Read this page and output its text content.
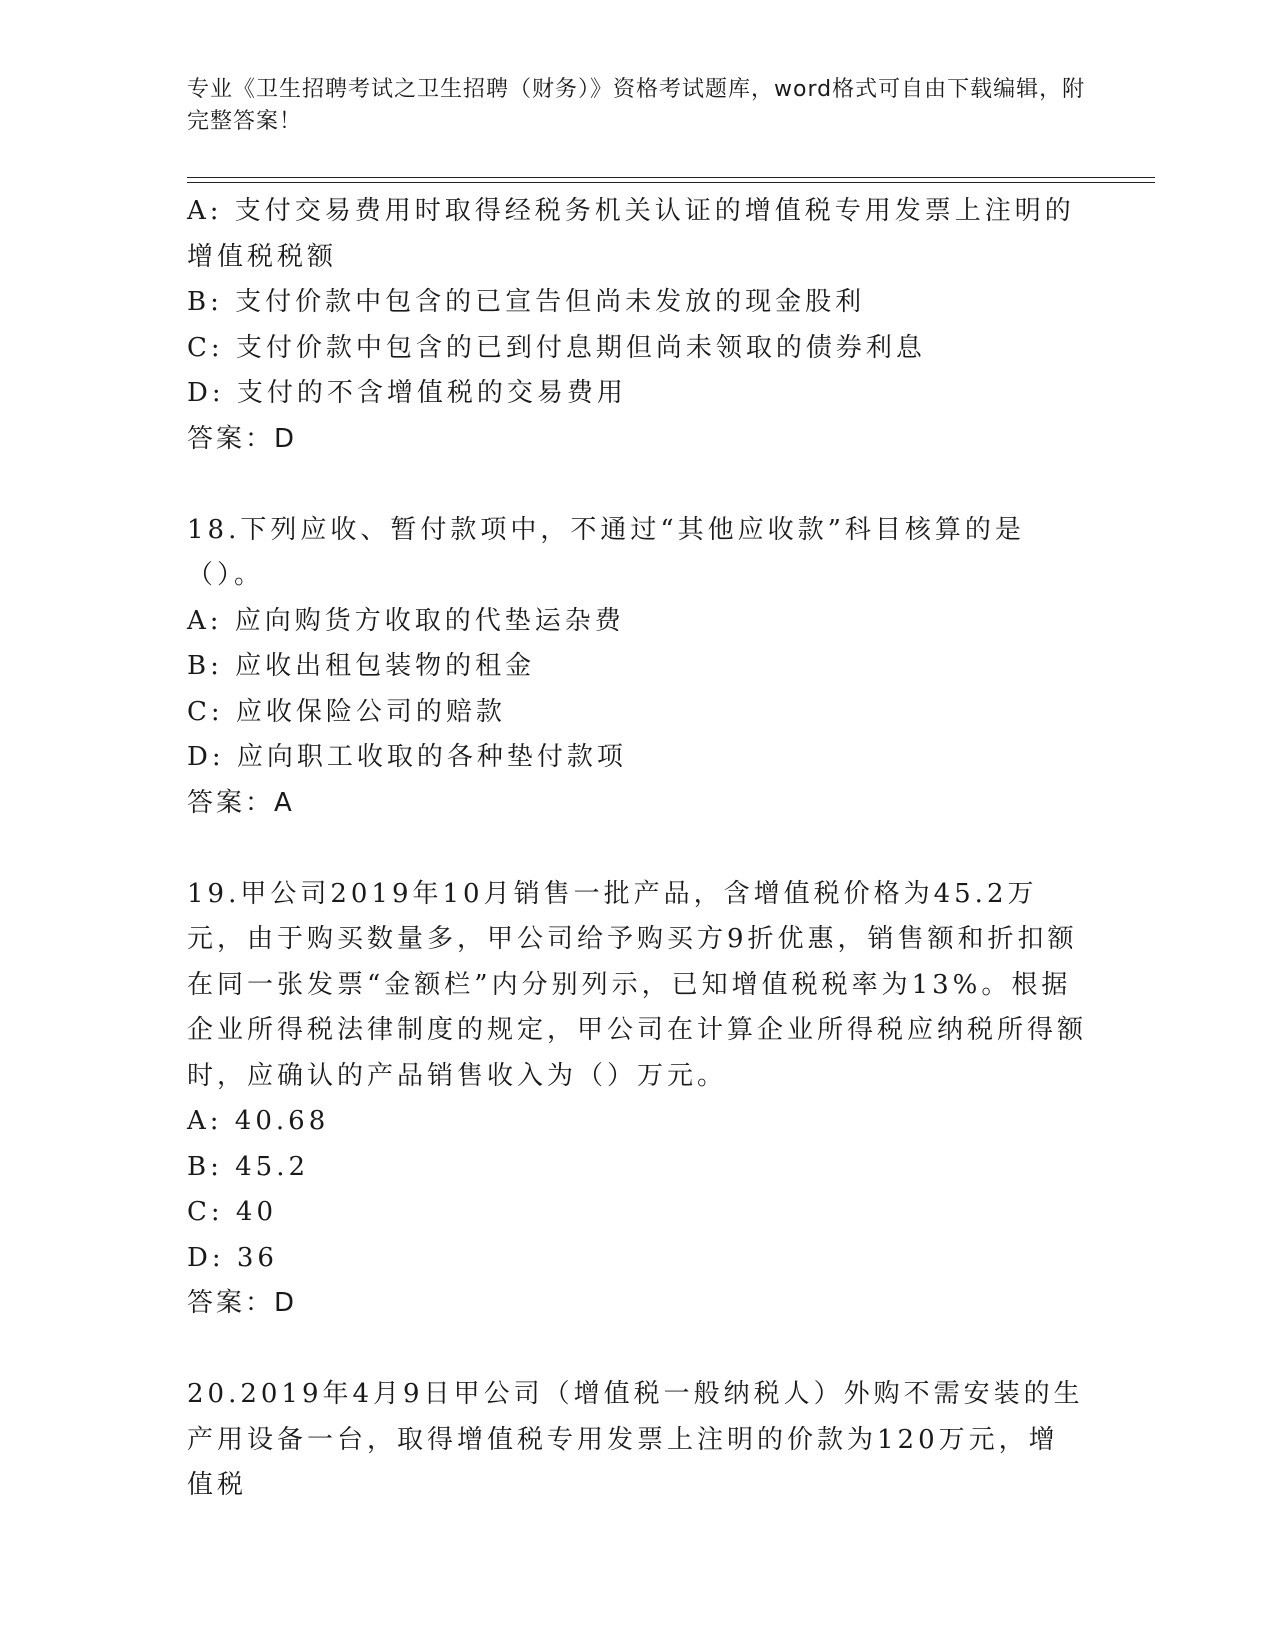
专业《卫生招聘考试之卫生招聘（财务）》资格考试题库，word格式可自由下载编辑，附完整答案！

A: 支付交易费用时取得经税务机关认证的增值税专用发票上注明的增值税税额

B: 支付价款中包含的已宣告但尚未发放的现金股利

C: 支付价款中包含的已到付息期但尚未领取的债券利息

D: 支付的不含增值税的交易费用

答案：D

18.下列应收、暂付款项中，不通过“其他应收款”科目核算的是（）。

A: 应向购货方收取的代垫运杂费

B: 应收出租包装物的租金

C: 应收保险公司的赔款

D: 应向职工收取的各种垫付款项

答案：A

19.甲公司2019年10月销售一批产品，含增值税价格为45.2万元，由于购买数量多，甲公司给予购买方9折优惠，销售额和折扣额在同一张发票“金额栏”内分别列示，已知增值税税率为13%。根据企业所得税法律制度的规定，甲公司在计算企业所得税应纳税所得额时，应确认的产品销售收入为（）万元。

A: 40.68

B: 45.2

C: 40

D: 36

答案：D

20.2019年4月9日甲公司（增值税一般纳税人）外购不需安装的生产用设备一台，取得增值税专用发票上注明的价款为120万元，增值税
